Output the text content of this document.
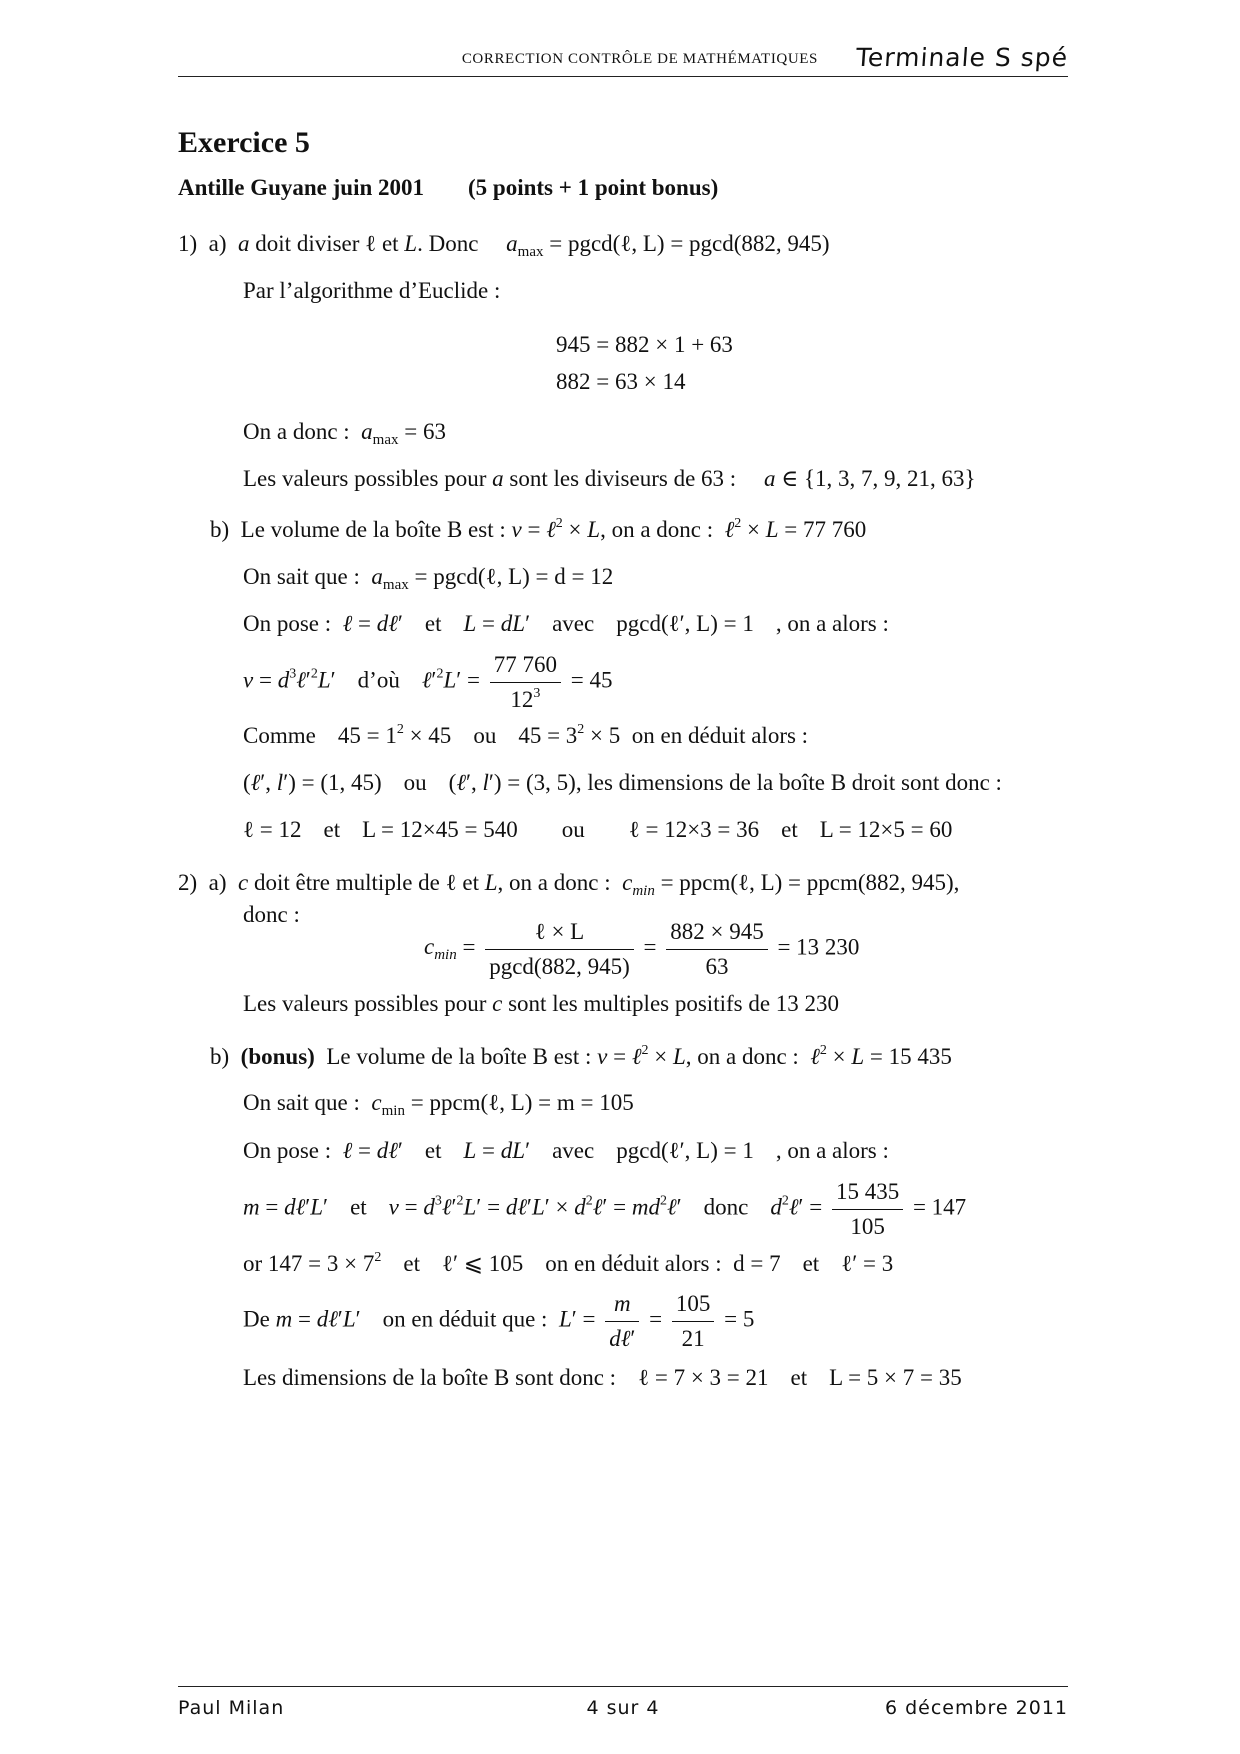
CORRECTION CONTRÔLE DE MATHÉMATIQUES Terminale S spé
Exercice 5
Antille Guyane juin 2001 (5 points + 1 point bonus)
1) a) a doit diviser ℓ et L. Donc $a_{max}$ = pgcd(ℓ, L) = pgcd(882, 945)
Par l’algorithme d’Euclide :
945 = 882 × 1 + 63
882 = 63 × 14
On a donc : $a_{max} = 63$
Les valeurs possibles pour a sont les diviseurs de 63 : a ∈ {1, 3, 7, 9, 21, 63}
b) Le volume de la boîte B est : v = ℓ$^2$ × L, on a donc : ℓ$^2$ × L = 77 760
On sait que : $a_{max}$ = pgcd(ℓ, L) = d = 12
On pose : ℓ = dℓ′ et L = dL′ avec pgcd(ℓ′, L) = 1 , on a alors :
$v = d^3\ell'^2L'$ d’où $\ell'^2L' = \frac{77 760}{12^3} = 45$
Comme $45 = 1^2 \times 45$ ou $45 = 3^2 \times 5$  on en déduit alors :
(ℓ′, l′) = (1, 45) ou (ℓ′, l′) = (3, 5), les dimensions de la boîte B droit sont donc :
ℓ = 12 et L = 12×45 = 540 ou ℓ = 12×3 = 36 et L = 12×5 = 60
2) a) c doit être multiple de ℓ et L, on a donc : $c_{min}$ = ppcm(ℓ, L) = ppcm(882, 945),
donc :
$c_{min} = \frac{\text{ℓ × L}}{pgcd(882, 945)} = \frac{882 \times 945}{63} = 13$ 230
Les valeurs possibles pour c sont les multiples positifs de 13 230
b) (bonus) Le volume de la boîte B est : v = ℓ$^2$ × L, on a donc : ℓ$^2$ × L = 15 435
On sait que : $c_{min}$ = ppcm(ℓ, L) = m = 105
On pose : ℓ = dℓ′ et L = dL′ avec pgcd(ℓ′, L) = 1 , on a alors :
m = dℓ′L′ et $v = d^3\ell'^2L'$ = dℓ′L′ × $d^2\ell'$ = $md^2\ell'$ donc $d^2\ell' = \frac{15 435}{105} = 147$
or $147 = 3 \times 7^2$ et ℓ′ ⩽ 105 on en déduit alors : d = 7 et ℓ′ = 3
De m = dℓ′L′ on en déduit que : $L' = \frac{m}{\text{dℓ′}} = \frac{105}{21} = 5$
Les dimensions de la boîte B sont donc : ℓ = 7 × 3 = 21 et L = 5 × 7 = 35
Paul Milan	4 sur 4	6 décembre 2011
